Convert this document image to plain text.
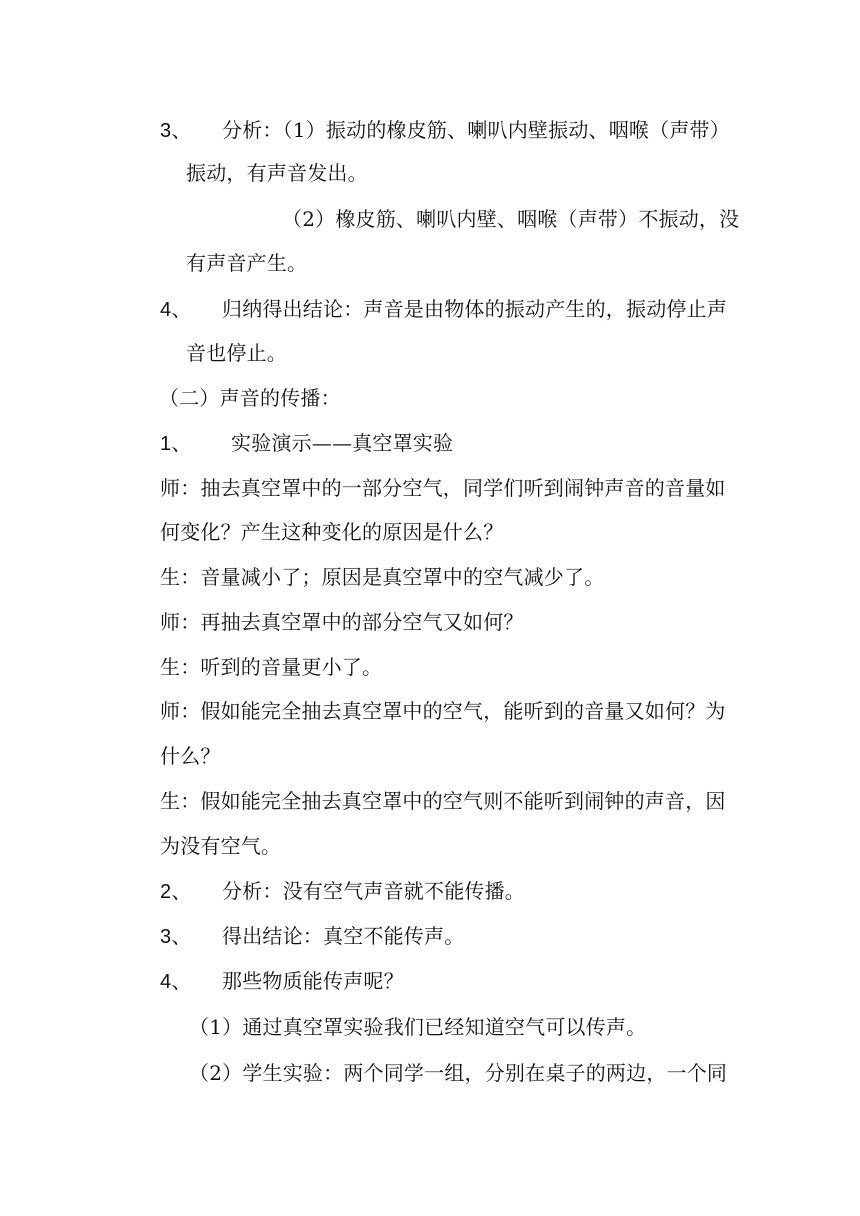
3、 分析：（1）振动的橡皮筋、喇叭内壁振动、咽喉（声带）
振动，有声音发出。
（2）橡皮筋、喇叭内壁、咽喉（声带）不振动，没
有声音产生。
4、 归纳得出结论：声音是由物体的振动产生的，振动停止声
音也停止。
（二）声音的传播：
1、 实验演示——真空罩实验
师：抽去真空罩中的一部分空气，同学们听到闹钟声音的音量如
何变化？产生这种变化的原因是什么？
生：音量减小了；原因是真空罩中的空气减少了。
师：再抽去真空罩中的部分空气又如何？
生：听到的音量更小了。
师：假如能完全抽去真空罩中的空气，能听到的音量又如何？为
什么？
生：假如能完全抽去真空罩中的空气则不能听到闹钟的声音，因
为没有空气。
2、 分析：没有空气声音就不能传播。
3、 得出结论：真空不能传声。
4、 那些物质能传声呢？
（1）通过真空罩实验我们已经知道空气可以传声。
（2）学生实验：两个同学一组，分别在桌子的两边，一个同
